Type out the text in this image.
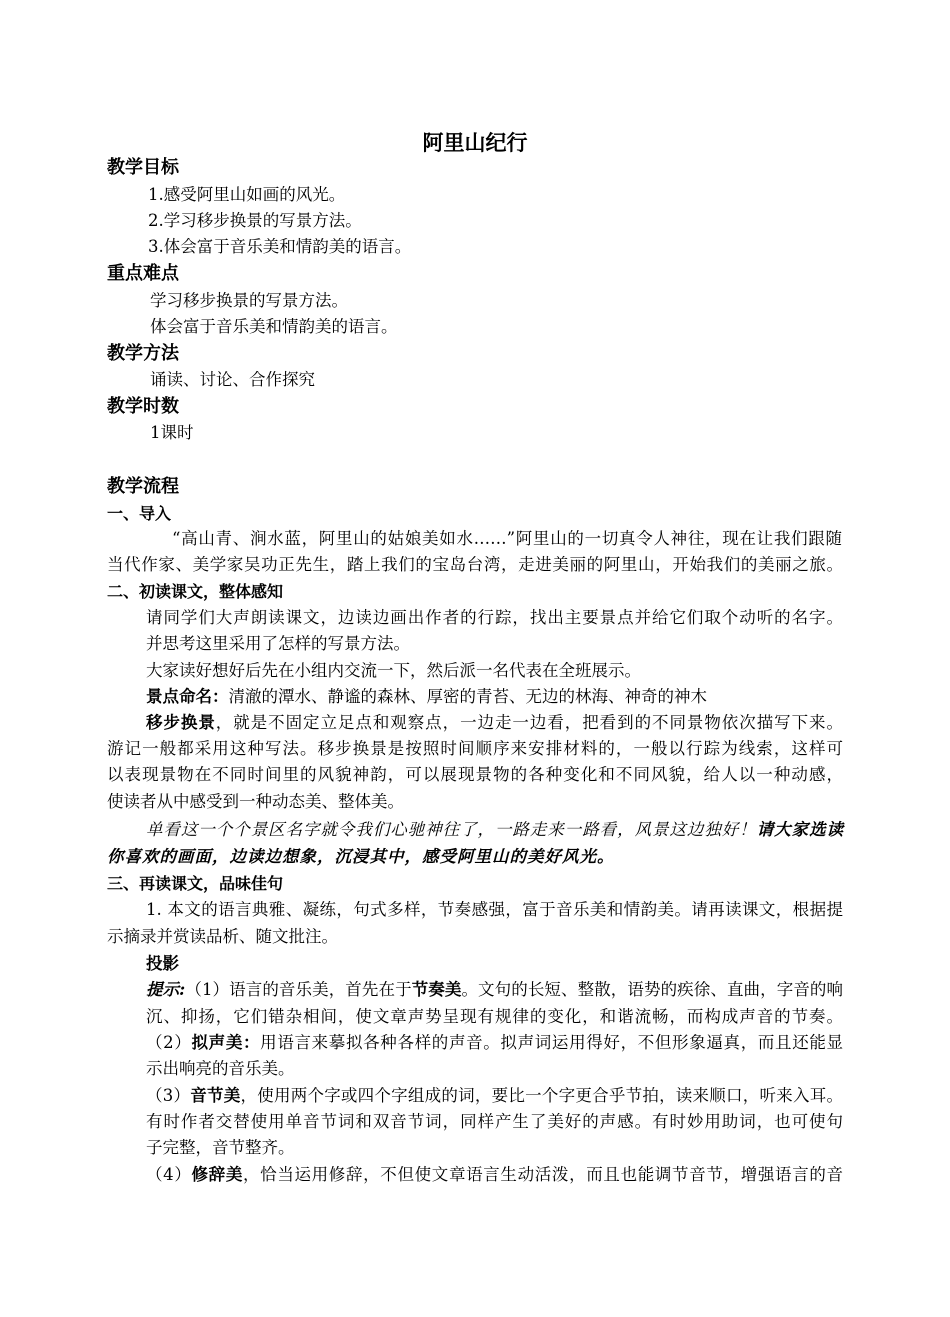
阿里山纪行
教学目标
1.感受阿里山如画的风光。
2.学习移步换景的写景方法。
3.体会富于音乐美和情韵美的语言。
重点难点
学习移步换景的写景方法。
体会富于音乐美和情韵美的语言。
教学方法
诵读、讨论、合作探究
教学时数
1课时
教学流程
一、导入
“高山青、涧水蓝，阿里山的姑娘美如水……”阿里山的一切真令人神往，现在让我们跟随
当代作家、美学家吴功正先生，踏上我们的宝岛台湾，走进美丽的阿里山，开始我们的美丽之旅。
二、初读课文，整体感知
请同学们大声朗读课文，边读边画出作者的行踪，找出主要景点并给它们取个动听的名字。
并思考这里采用了怎样的写景方法。
大家读好想好后先在小组内交流一下，然后派一名代表在全班展示。
景点命名：清澈的潭水、静谧的森林、厚密的青苔、无边的林海、神奇的神木
移步换景，就是不固定立足点和观察点，一边走一边看，把看到的不同景物依次描写下来。
游记一般都采用这种写法。移步换景是按照时间顺序来安排材料的，一般以行踪为线索，这样可
以表现景物在不同时间里的风貌神韵，可以展现景物的各种变化和不同风貌，给人以一种动感，
使读者从中感受到一种动态美、整体美。
单看这一个个景区名字就令我们心驰神往了，一路走来一路看，风景这边独好！请大家选读
你喜欢的画面，边读边想象，沉浸其中，感受阿里山的美好风光。
三、再读课文，品味佳句
1. 本文的语言典雅、凝练，句式多样，节奏感强，富于音乐美和情韵美。请再读课文，根据提
示摘录并赏读品析、随文批注。
投影
提示:（1）语言的音乐美，首先在于节奏美。文句的长短、整散，语势的疾徐、直曲，字音的响
沉、抑扬，它们错杂相间，使文章声势呈现有规律的变化，和谐流畅，而构成声音的节奏。
（2）拟声美：用语言来摹拟各种各样的声音。拟声词运用得好，不但形象逼真，而且还能显
示出响亮的音乐美。
（3）音节美，使用两个字或四个字组成的词，要比一个字更合乎节拍，读来顺口，听来入耳。
有时作者交替使用单音节词和双音节词，同样产生了美好的声感。有时妙用助词，也可使句
子完整，音节整齐。
（4）修辞美，恰当运用修辞，不但使文章语言生动活泼，而且也能调节音节，增强语言的音
